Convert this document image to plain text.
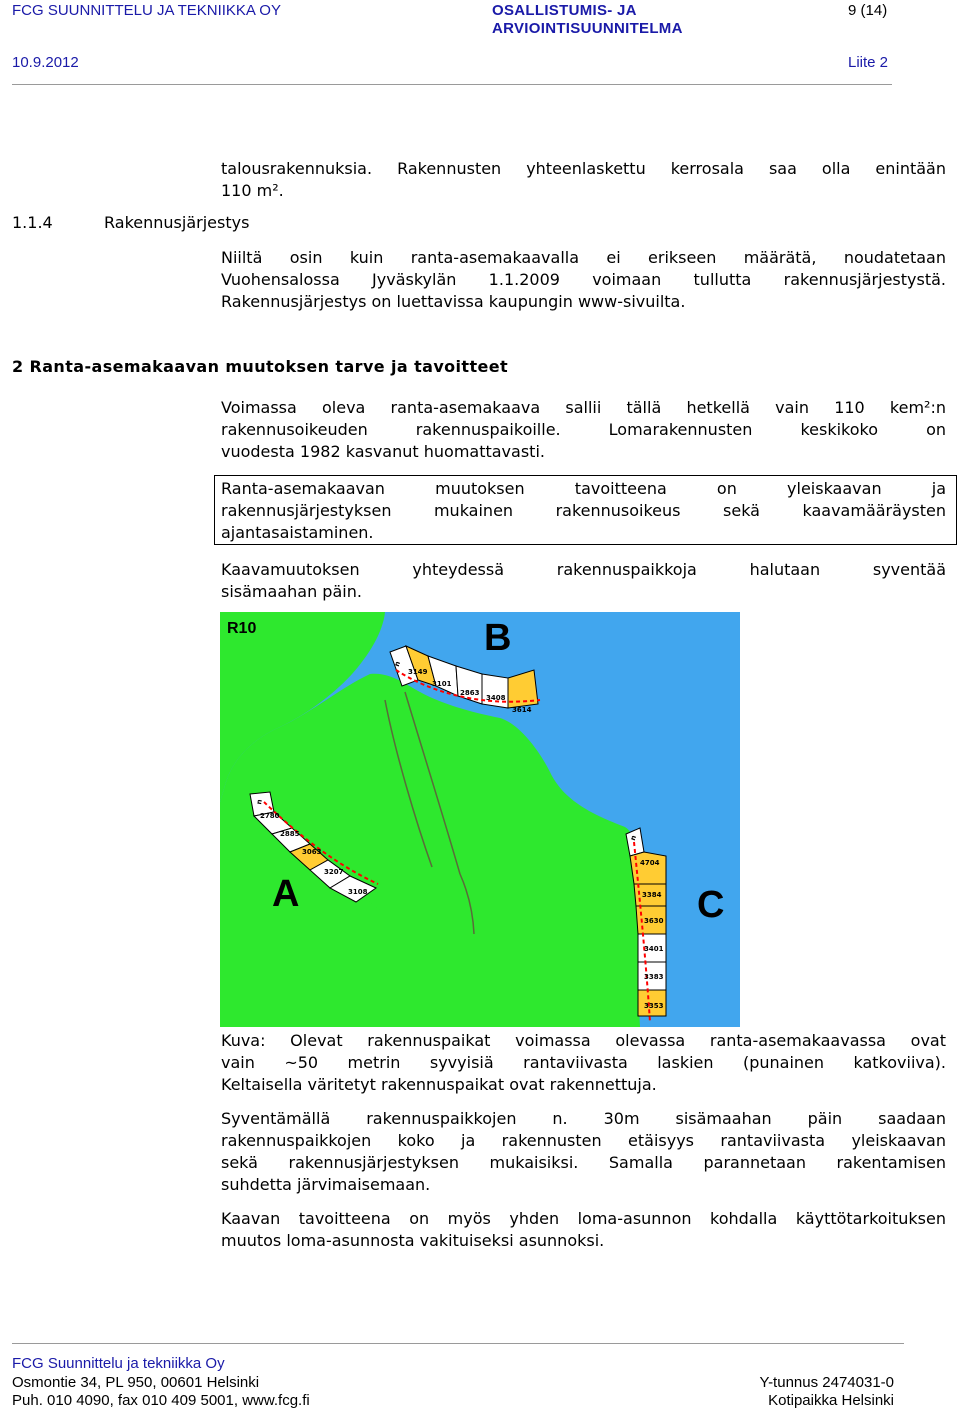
FCG SUUNNITTELU JA TEKNIIKKA OY	OSALLISTUMIS- JA
ARVIOINTISUUNNITELMA
9 (14)
10.9.2012	Liite 2
talousrakennuksia. Rakennusten yhteenlaskettu kerrosala saa olla enintään
110 m².
1.1.4	Rakennusjärjestys
Niiltä osin kuin ranta-asemakaavalla ei erikseen määrätä, noudatetaan
Vuohensalossa Jyväskylän 1.1.2009 voimaan tullutta rakennusjärjestystä.
Rakennusjärjestys on luettavissa kaupungin www-sivuilta.
2 Ranta-asemakaavan muutoksen tarve ja tavoitteet
Voimassa oleva ranta-asemakaava sallii tällä hetkellä vain 110 kem²:n
rakennusoikeuden rakennuspaikoille. Lomarakennusten keskikoko on
vuodesta 1982 kasvanut huomattavasti.
Ranta-asemakaavan muutoksen tavoitteena on yleiskaavan ja
rakennusjärjestyksen mukainen rakennusoikeus sekä kaavamääräysten
ajantasaistaminen.
Kaavamuutoksen yhteydessä rakennuspaikkoja halutaan syventää
sisämaahan päin.
R10	B
A	C
n
n
n
3149
3101
2863
3408
3614
2780
2885
3063
3207
3108
4704
3384
3630
3401
3383
3353
Kuva: Olevat rakennuspaikat voimassa olevassa ranta-asemakaavassa ovat
vain ~50 metrin syvyisiä rantaviivasta laskien (punainen katkoviiva).
Keltaisella väritetyt rakennuspaikat ovat rakennettuja.
Syventämällä rakennuspaikkojen n. 30m sisämaahan päin saadaan
rakennuspaikkojen koko ja rakennusten etäisyys rantaviivasta yleiskaavan
sekä rakennusjärjestyksen mukaisiksi. Samalla parannetaan rakentamisen
suhdetta järvimaisemaan.
Kaavan tavoitteena on myös yhden loma-asunnon kohdalla käyttötarkoituksen
muutos loma-asunnosta vakituiseksi asunnoksi.
FCG Suunnittelu ja tekniikka Oy
Osmontie 34, PL 950, 00601 Helsinki
Puh. 010 4090, fax 010 409 5001, www.fcg.fi
Y-tunnus 2474031-0
Kotipaikka Helsinki
